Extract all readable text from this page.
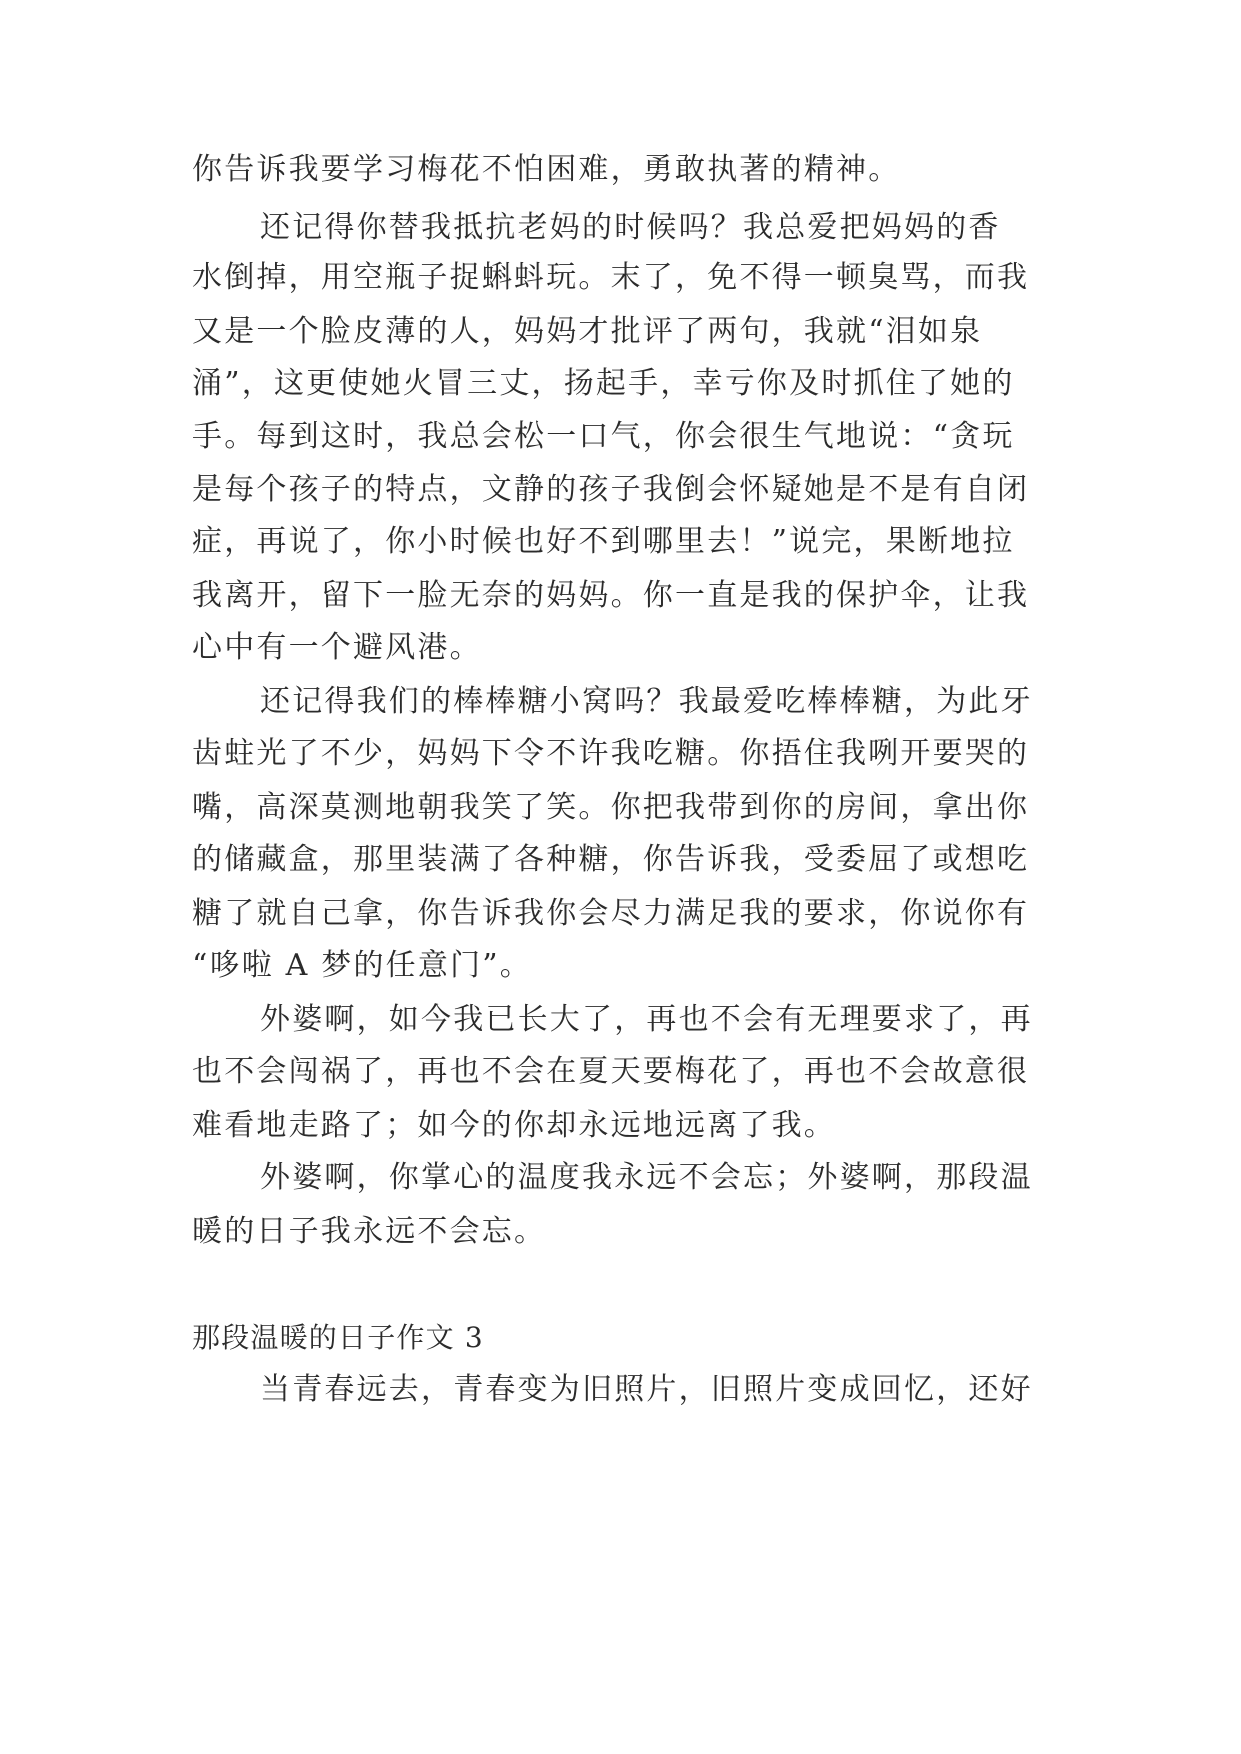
你告诉我要学习梅花不怕困难，勇敢执著的精神。
还记得你替我抵抗老妈的时候吗？我总爱把妈妈的香
水倒掉，用空瓶子捉蝌蚪玩。末了，免不得一顿臭骂，而我
又是一个脸皮薄的人，妈妈才批评了两句，我就“泪如泉
涌”，这更使她火冒三丈，扬起手，幸亏你及时抓住了她的
手。每到这时，我总会松一口气，你会很生气地说：“贪玩
是每个孩子的特点，文静的孩子我倒会怀疑她是不是有自闭
症，再说了，你小时候也好不到哪里去！”说完，果断地拉
我离开，留下一脸无奈的妈妈。你一直是我的保护伞，让我
心中有一个避风港。
还记得我们的棒棒糖小窝吗？我最爱吃棒棒糖，为此牙
齿蛀光了不少，妈妈下令不许我吃糖。你捂住我咧开要哭的
嘴，高深莫测地朝我笑了笑。你把我带到你的房间，拿出你
的储藏盒，那里装满了各种糖，你告诉我，受委屈了或想吃
糖了就自己拿，你告诉我你会尽力满足我的要求，你说你有
“哆啦 A 梦的任意门”。
外婆啊，如今我已长大了，再也不会有无理要求了，再
也不会闯祸了，再也不会在夏天要梅花了，再也不会故意很
难看地走路了；如今的你却永远地远离了我。
外婆啊，你掌心的温度我永远不会忘；外婆啊，那段温
暖的日子我永远不会忘。
那段温暖的日子作文 3
当青春远去，青春变为旧照片，旧照片变成回忆，还好
